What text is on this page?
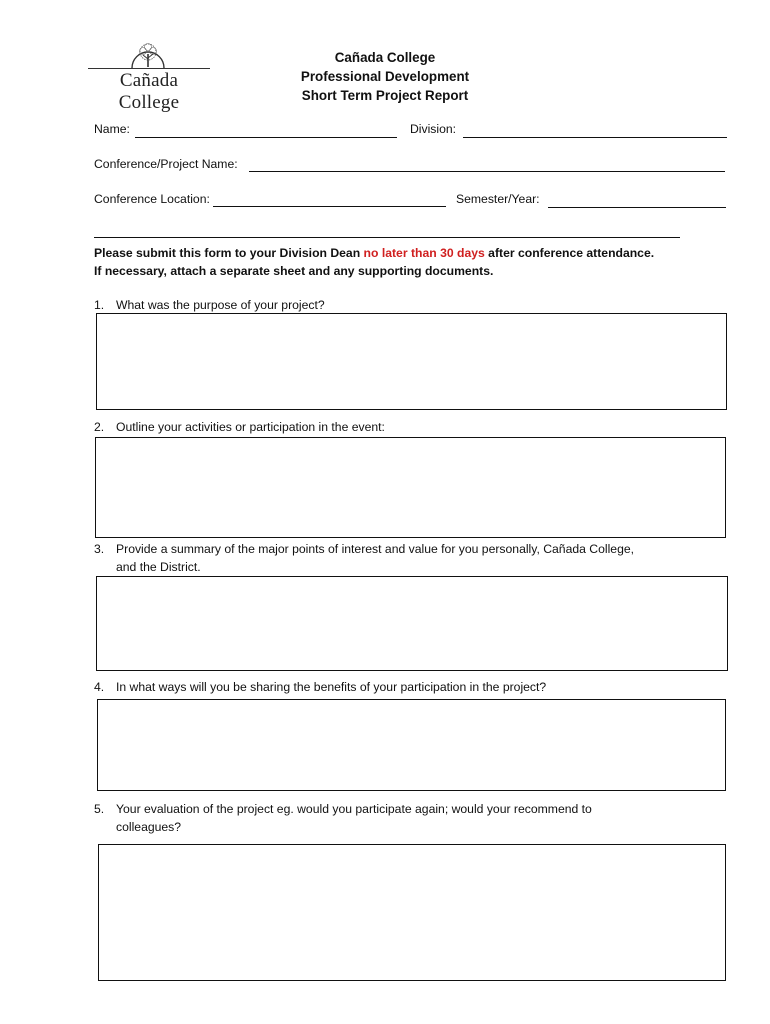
Cañada College
Cañada College
Professional Development
Short Term Project Report
Name:	Division:
Conference/Project Name:
Conference Location:	Semester/Year:
Please submit this form to your Division Dean no later than 30 days after conference attendance.
If necessary, attach a separate sheet and any supporting documents.
1. What was the purpose of your project?
2. Outline your activities or participation in the event:
3. Provide a summary of the major points of interest and value for you personally, Cañada College,
and the District.
4. In what ways will you be sharing the benefits of your participation in the project?
5. Your evaluation of the project eg. would you participate again; would your recommend to
colleagues?
